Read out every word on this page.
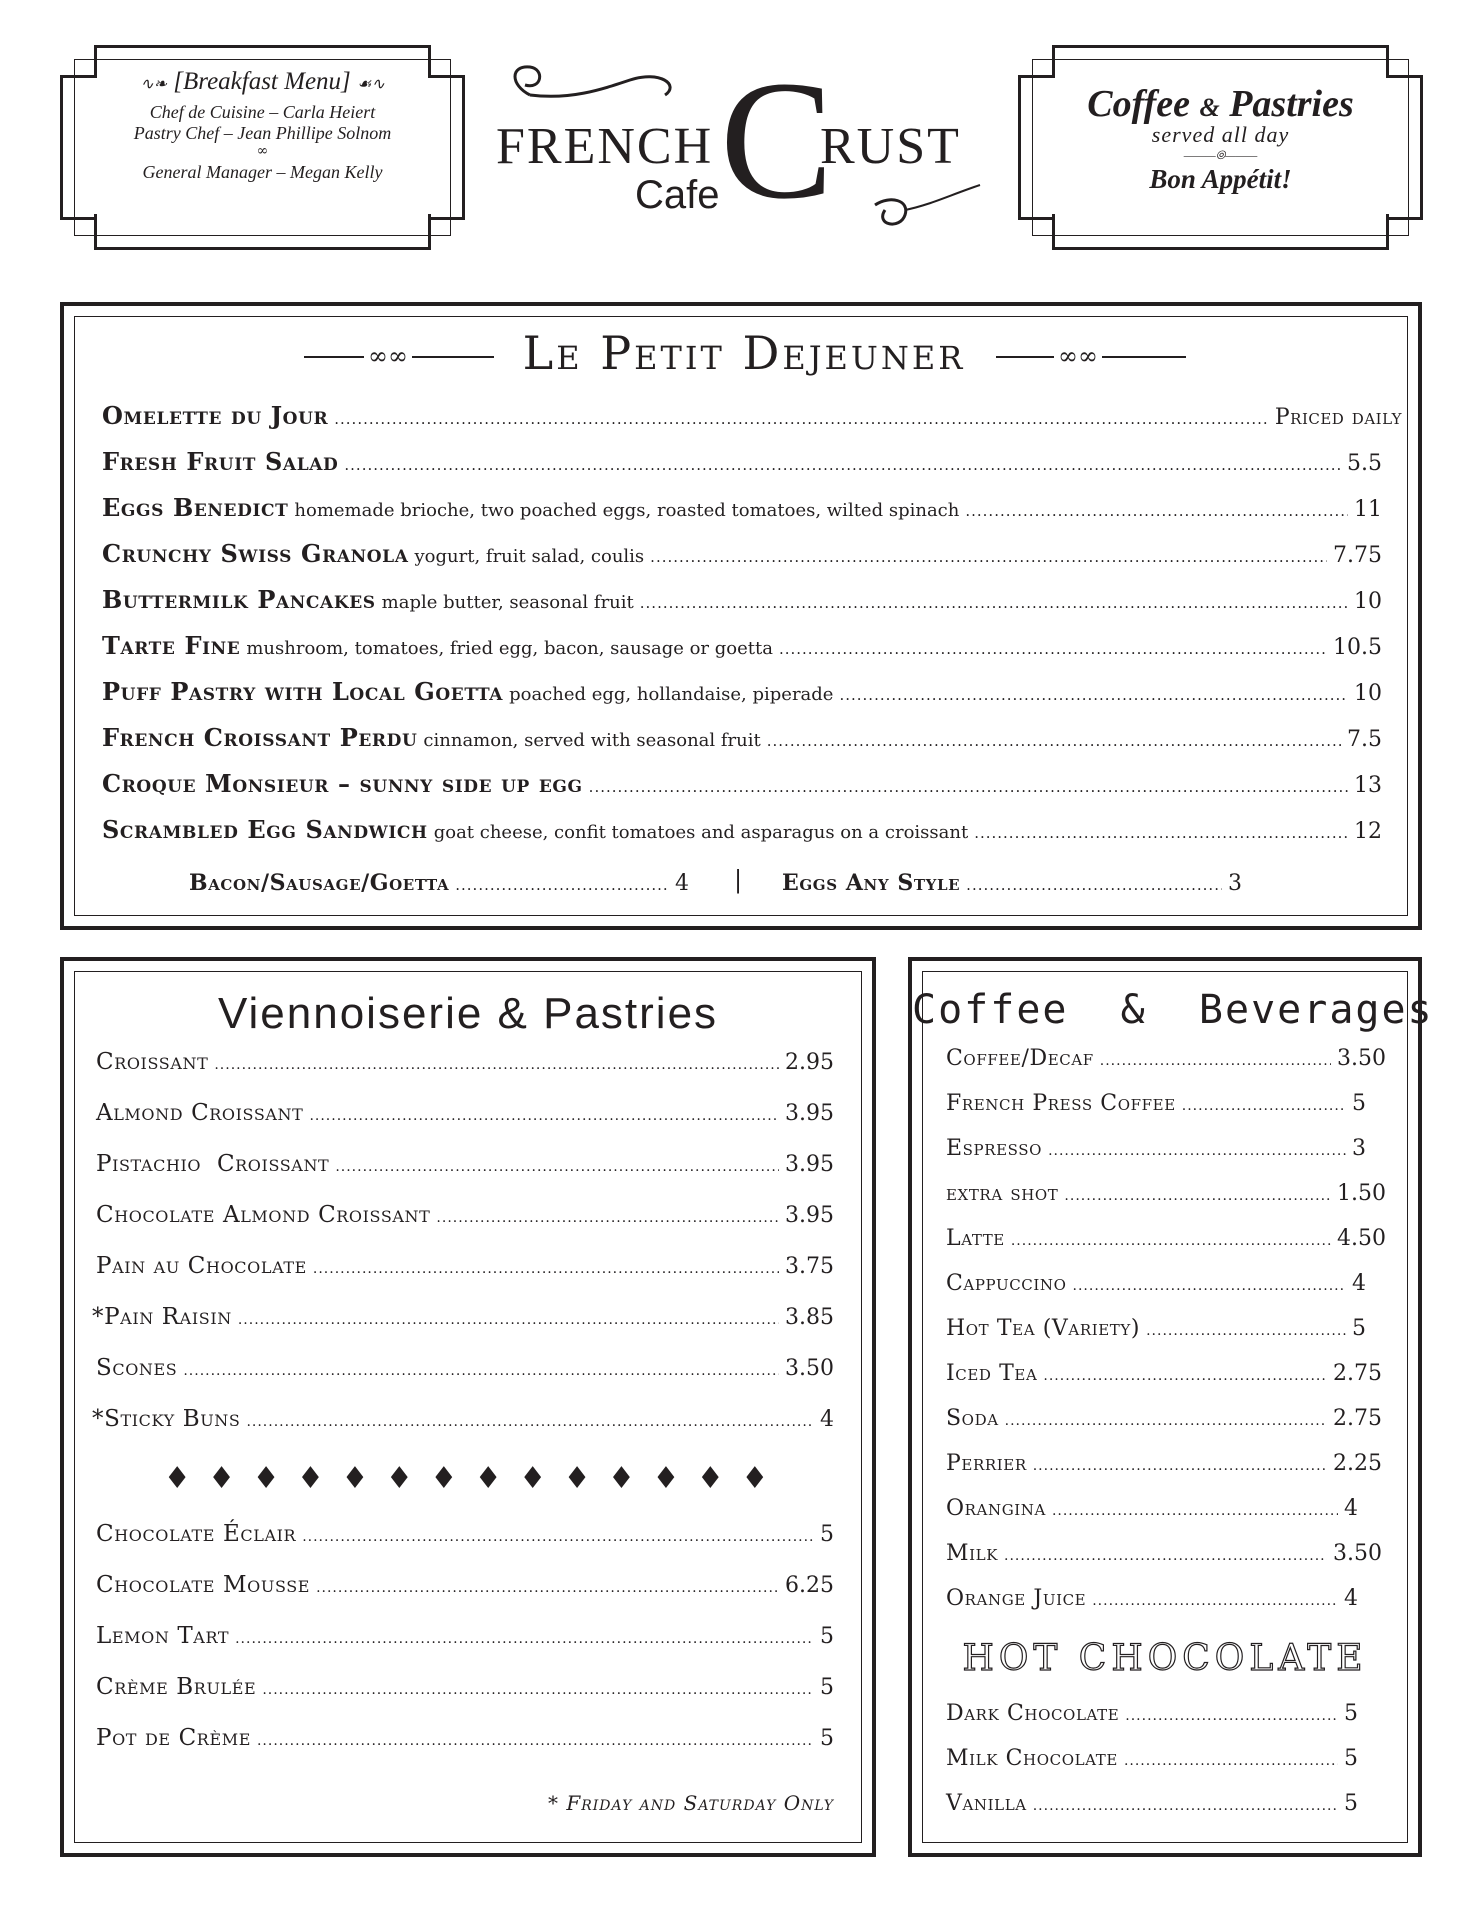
∿❧ [Breakfast Menu] ☙∿
Chef de Cuisine – Carla Heiert
Pastry Chef – Jean Phillipe Solnom
∞
General Manager – Megan Kelly	FRENCH C
RUST
Cafe
Coffee & Pastries
served all day
———⦾———
Bon Appétit!
∞∞	Le Petit Dejeuner	∞∞
Omelette du Jour .....	Priced daily
Fresh Fruit Salad .....	5.5
Eggs Benedict homemade brioche, two poached eggs, roasted tomatoes, wilted spinach .....	11
Crunchy Swiss Granola yogurt, fruit salad, coulis .....	7.75
Buttermilk Pancakes maple butter, seasonal fruit .....	10
Tarte Fine mushroom, tomatoes, fried egg, bacon, sausage or goetta .....	10.5
Puff Pastry with Local Goetta poached egg, hollandaise, piperade .....	10
French Croissant Perdu cinnamon, served with seasonal fruit .....	7.5
Croque Monsieur – sunny side up egg .....	13
Scrambled Egg Sandwich goat cheese, confit tomatoes and asparagus on a croissant .....	12
Bacon/Sausage/Goetta .....	4 | Eggs Any Style .....	3
Viennoiserie & Pastries
Croissant .....	2.95
Almond Croissant .....	3.95
Pistachio  Croissant .....	3.95
Chocolate Almond Croissant .....	3.95
Pain au Chocolate .....	3.75
*Pain Raisin .....	3.85
Scones .....	3.50
*Sticky Buns .....	4
♦ ♦ ♦ ♦ ♦ ♦ ♦ ♦ ♦ ♦ ♦ ♦ ♦ ♦
Chocolate Éclair .....	5
Chocolate Mousse .....	6.25
Lemon Tart .....	5
Crème Brulée .....	5
Pot de Crème .....	5
* Friday and Saturday Only
Coffee  &  Beverages
Coffee/Decaf .....	3.50
French Press Coffee .....	5
Espresso .....	3
extra shot .....	1.50
Latte .....	4.50
Cappuccino .....	4
Hot Tea (Variety) .....	5
Iced Tea .....	2.75
Soda .....	2.75
Perrier .....	2.25
Orangina .....	4
Milk .....	3.50
Orange Juice .....	4
HOT CHOCOLATE
Dark Chocolate .....	5
Milk Chocolate .....	5
Vanilla .....	5
